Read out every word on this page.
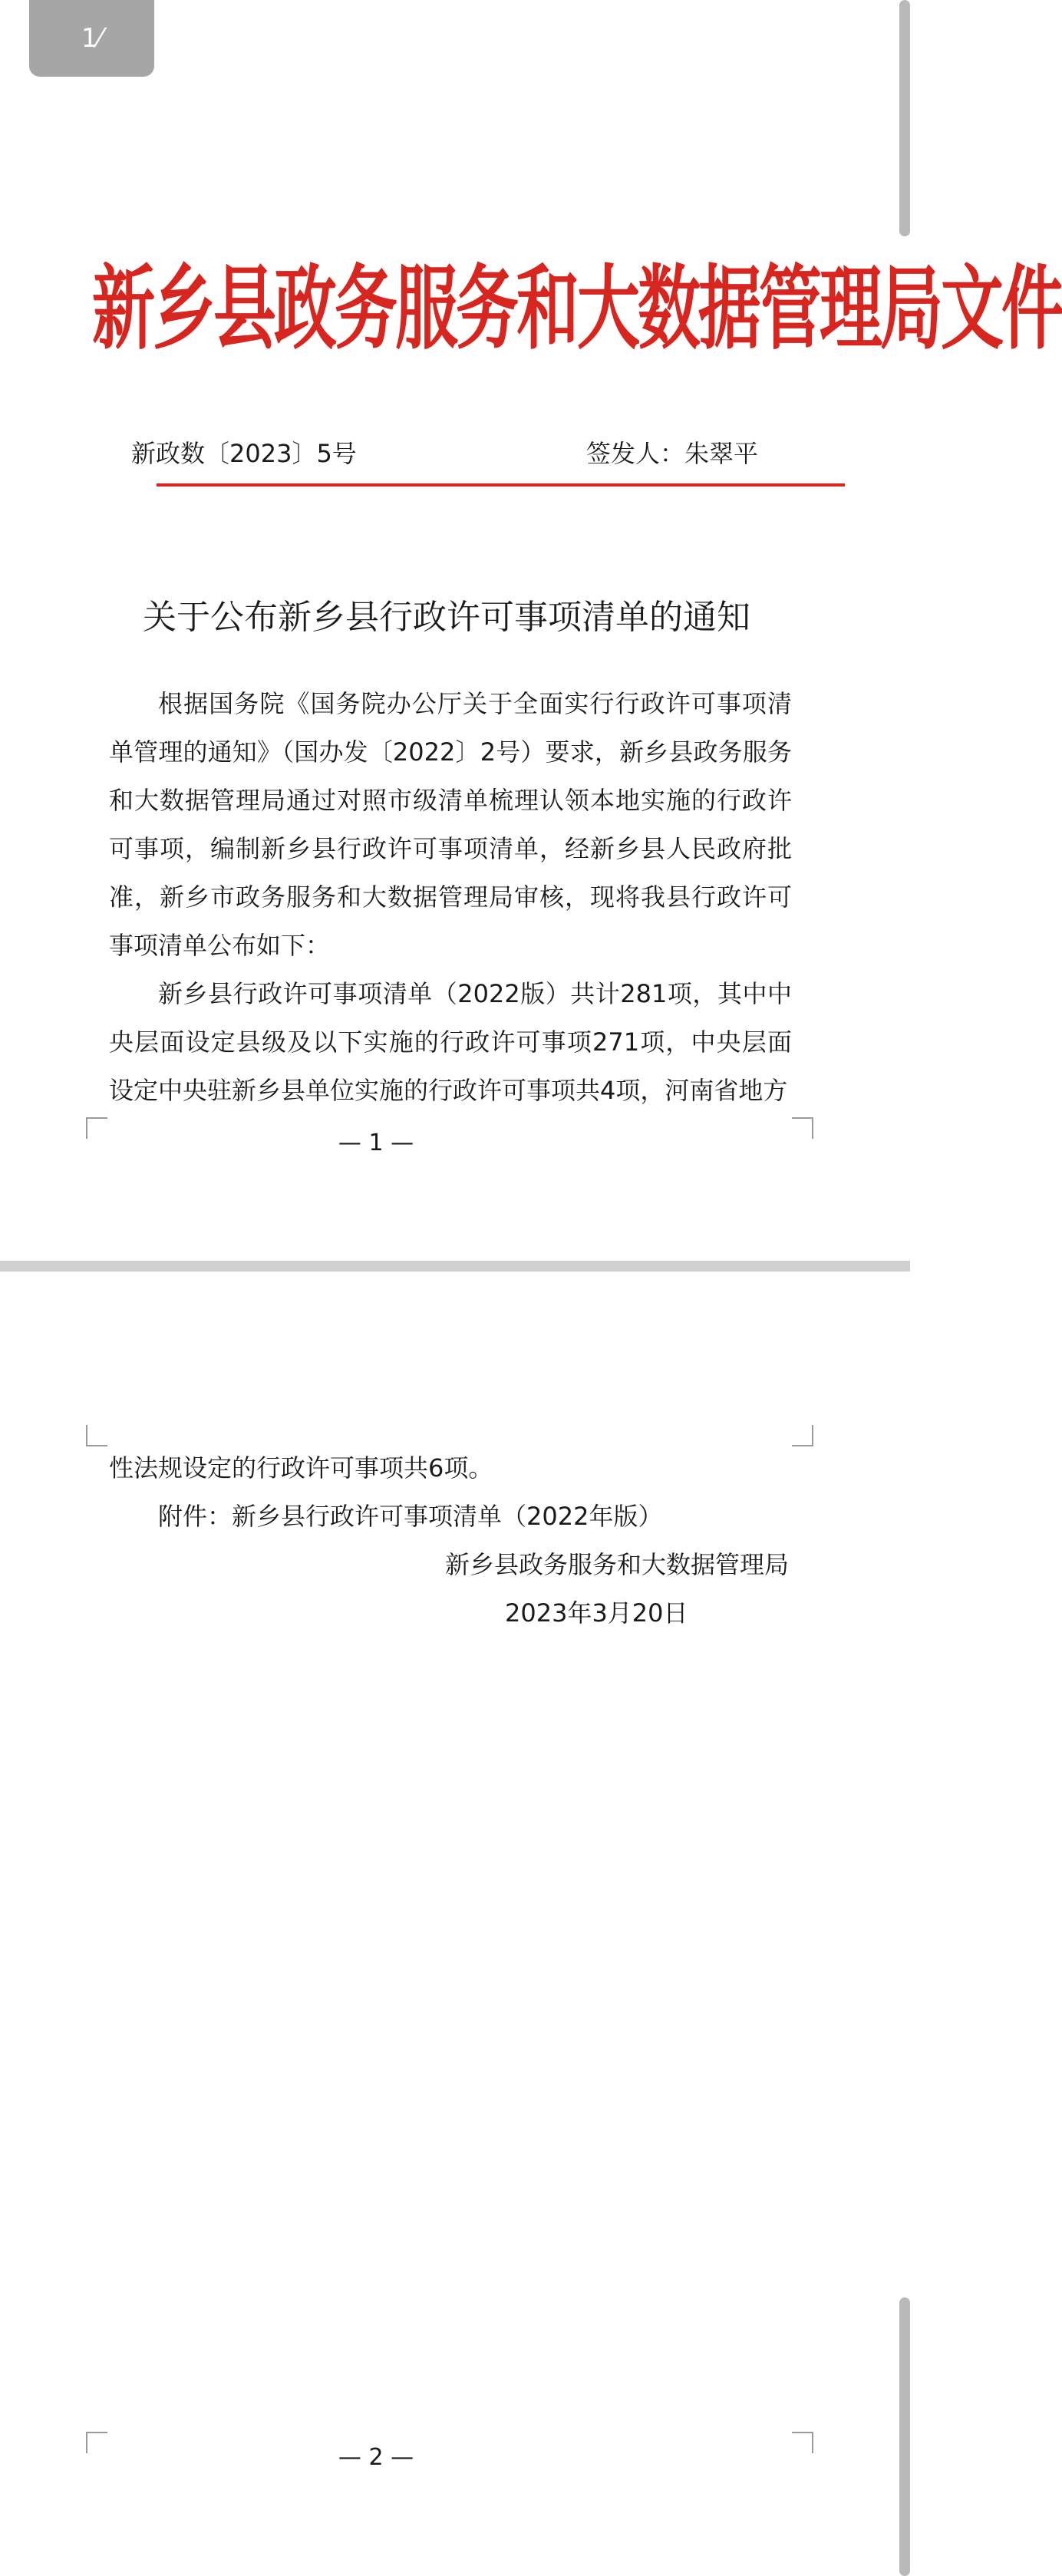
新乡县政务服务和大数据管理局文件
新政数〔2023〕5号	签发人：朱翠平
关于公布新乡县行政许可事项清单的通知

根据国务院《国务院办公厅关于全面实行行政许可事项清单管理的通知》（国办发〔2022〕2号）要求，新乡县政务服务和大数据管理局通过对照市级清单梳理认领本地实施的行政许可事项，编制新乡县行政许可事项清单，经新乡县人民政府批准，新乡市政务服务和大数据管理局审核，现将我县行政许可事项清单公布如下：

新乡县行政许可事项清单（2022版）共计281项，其中中央层面设定县级及以下实施的行政许可事项271项，中央层面设定中央驻新乡县单位实施的行政许可事项共4项，河南省地方

— 1 —
性法规设定的行政许可事项共6项。
附件：新乡县行政许可事项清单（2022年版）
新乡县政务服务和大数据管理局
2023年3月20日
— 2 —
1⁄
